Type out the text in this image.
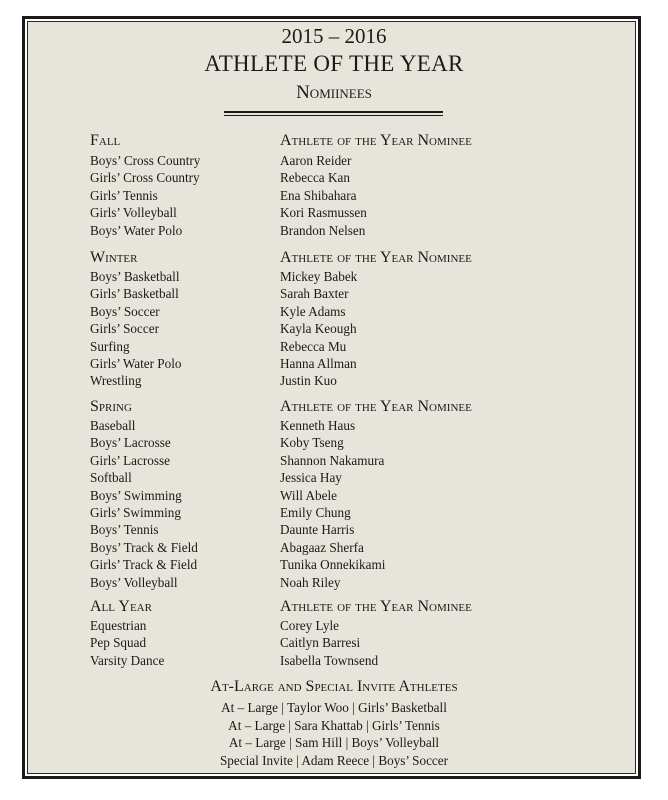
2015 – 2016
ATHLETE OF THE YEAR
Nomiinees
Fall	Athlete of the Year Nominee
Boys’ Cross Country	Aaron Reider
Girls’ Cross Country	Rebecca Kan
Girls’ Tennis	Ena Shibahara
Girls’ Volleyball	Kori Rasmussen
Boys’ Water Polo	Brandon Nelsen
Winter	Athlete of the Year Nominee
Boys’ Basketball	Mickey Babek
Girls’ Basketball	Sarah Baxter
Boys’ Soccer	Kyle Adams
Girls’ Soccer	Kayla Keough
Surfing	Rebecca Mu
Girls’ Water Polo	Hanna Allman
Wrestling	Justin Kuo
Spring	Athlete of the Year Nominee
Baseball	Kenneth Haus
Boys’ Lacrosse	Koby Tseng
Girls’ Lacrosse	Shannon Nakamura
Softball	Jessica Hay
Boys’ Swimming	Will Abele
Girls’ Swimming	Emily Chung
Boys’ Tennis	Daunte Harris
Boys’ Track & Field	Abagaaz Sherfa
Girls’ Track & Field	Tunika Onnekikami
Boys’ Volleyball	Noah Riley
All Year	Athlete of the Year Nominee
Equestrian	Corey Lyle
Pep Squad	Caitlyn Barresi
Varsity Dance	Isabella Townsend
At-Large and Special Invite Athletes
At – Large | Taylor Woo | Girls’ Basketball
At – Large | Sara Khattab | Girls’ Tennis
At – Large | Sam Hill | Boys’ Volleyball
Special Invite | Adam Reece | Boys’ Soccer
